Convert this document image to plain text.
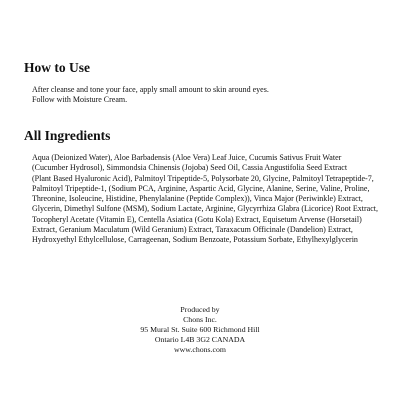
How to Use
After cleanse and tone your face, apply small amount to skin around eyes.
Follow with Moisture Cream.
All Ingredients
Aqua (Deionized Water), Aloe Barbadensis (Aloe Vera) Leaf Juice, Cucumis Sativus Fruit Water
(Cucumber Hydrosol), Simmondsia Chinensis (Jojoba) Seed Oil, Cassia Angustifolia Seed Extract
(Plant Based Hyaluronic Acid), Palmitoyl Tripeptide-5, Polysorbate 20, Glycine, Palmitoyl Tetrapeptide-7,
Palmitoyl Tripeptide-1, (Sodium PCA, Arginine, Aspartic Acid, Glycine, Alanine, Serine, Valine, Proline,
Threonine, Isoleucine, Histidine, Phenylalanine (Peptide Complex)), Vinca Major (Periwinkle) Extract,
Glycerin, Dimethyl Sulfone (MSM), Sodium Lactate, Arginine, Glycyrrhiza Glabra (Licorice) Root Extract,
Tocopheryl Acetate (Vitamin E), Centella Asiatica (Gotu Kola) Extract, Equisetum Arvense (Horsetail)
Extract, Geranium Maculatum (Wild Geranium) Extract, Taraxacum Officinale (Dandelion) Extract,
Hydroxyethyl Ethylcellulose, Carrageenan, Sodium Benzoate, Potassium Sorbate, Ethylhexylglycerin
Produced by
Chons Inc.
95 Mural St. Suite 600 Richmond Hill
Ontario L4B 3G2 CANADA
www.chons.com
